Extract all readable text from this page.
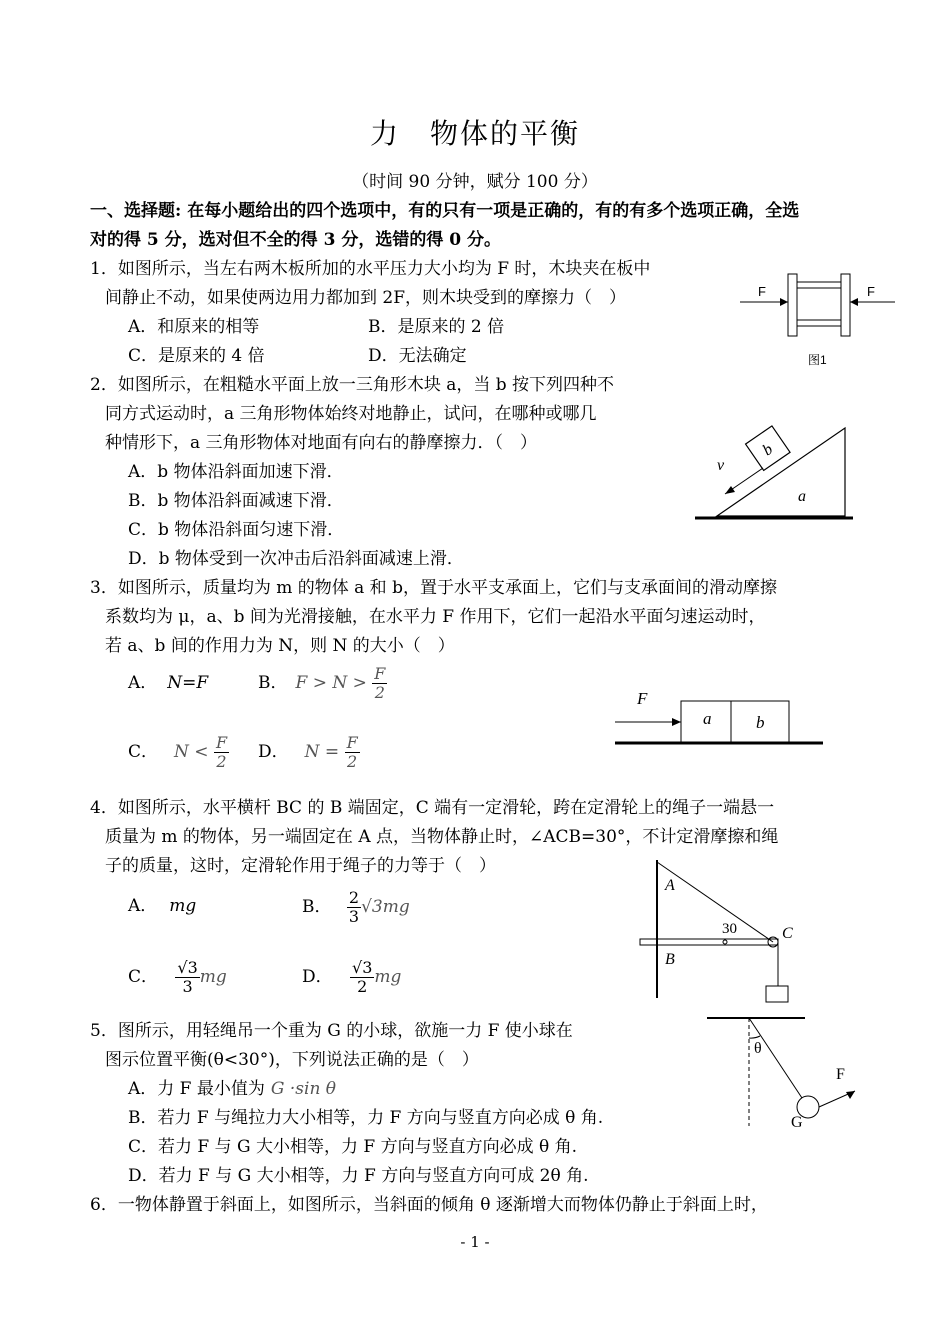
力　物体的平衡
（时间 90 分钟，赋分 100 分）
一、选择题: 在每小题给出的四个选项中，有的只有一项是正确的，有的有多个选项正确，全选
对的得 5 分，选对但不全的得 3 分，选错的得 0 分。
1．如图所示，当左右两木板所加的水平压力大小均为 F 时，木块夹在板中
间静止不动，如果使两边用力都加到 2F，则木块受到的摩擦力（　）
A．和原来的相等	B．是原来的 2 倍
C．是原来的 4 倍	D．无法确定
F	F
图1
2．如图所示，在粗糙水平面上放一三角形木块 a，当 b 按下列四种不
同方式运动时，a 三角形物体始终对地静止，试问，在哪种或哪几
种情形下，a 三角形物体对地面有向右的静摩擦力．（　）
A．b 物体沿斜面加速下滑．
B．b 物体沿斜面减速下滑．
C．b 物体沿斜面匀速下滑．
D．b 物体受到一次冲击后沿斜面减速上滑．
b
v
a
3．如图所示，质量均为 m 的物体 a 和 b，置于水平支承面上，它们与支承面间的滑动摩擦
系数均为 μ，a、b 间为光滑接触，在水平力 F 作用下，它们一起沿水平面匀速运动时，
若 a、b 间的作用力为 N，则 N 的大小（　）
A． N=F	B． $F > N > \frac{F}{2}$
C． $N < \frac{F}{2}$ D． $N = \frac{F}{2}$
F
a	b
4．如图所示，水平横杆 BC 的 B 端固定，C 端有一定滑轮，跨在定滑轮上的绳子一端悬一
质量为 m 的物体，另一端固定在 A 点，当物体静止时，∠ACB=30°，不计定滑摩擦和绳
子的质量，这时，定滑轮作用于绳子的力等于（　）
A． mg	B． $\frac{2}{3} √3mg$
C． $\frac{√3}{3}$ mg	D． $\frac{√3}{2}$ mg
A
B
C
30
5．图所示，用轻绳吊一个重为 G 的小球，欲施一力 F 使小球在
图示位置平衡(θ<30°)，下列说法正确的是（　）
A．力 F 最小值为 G ·sin θ
B．若力 F 与绳拉力大小相等，力 F 方向与竖直方向必成 θ 角.
C．若力 F 与 G 大小相等，力 F 方向与竖直方向必成 θ 角.
D．若力 F 与 G 大小相等，力 F 方向与竖直方向可成 2θ 角.
θ
F
G
6．一物体静置于斜面上，如图所示，当斜面的倾角 θ 逐渐增大而物体仍静止于斜面上时，
- 1 -
